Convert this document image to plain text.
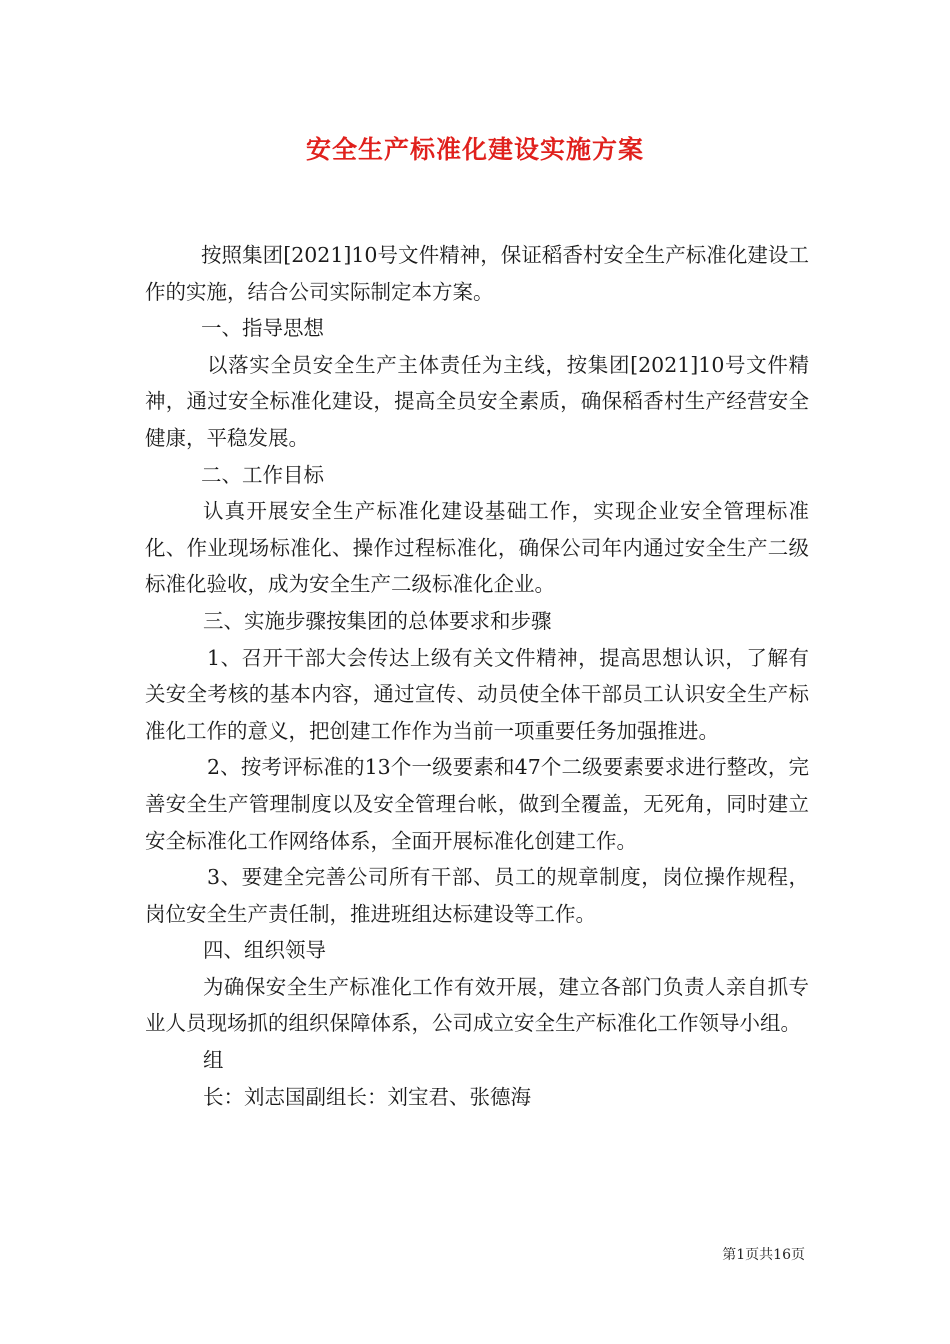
安全生产标准化建设实施方案

按照集团[2021]10号文件精神，保证稻香村安全生产标准化建设工作的实施，结合公司实际制定本方案。

一、指导思想

以落实全员安全生产主体责任为主线，按集团[2021]10号文件精神，通过安全标准化建设，提高全员安全素质，确保稻香村生产经营安全健康，平稳发展。

二、工作目标

认真开展安全生产标准化建设基础工作，实现企业安全管理标准化、作业现场标准化、操作过程标准化，确保公司年内通过安全生产二级标准化验收，成为安全生产二级标准化企业。

三、实施步骤按集团的总体要求和步骤

1、召开干部大会传达上级有关文件精神，提高思想认识，了解有关安全考核的基本内容，通过宣传、动员使全体干部员工认识安全生产标准化工作的意义，把创建工作作为当前一项重要任务加强推进。

2、按考评标准的13个一级要素和47个二级要素要求进行整改，完善安全生产管理制度以及安全管理台帐，做到全覆盖，无死角，同时建立安全标准化工作网络体系，全面开展标准化创建工作。

3、要建全完善公司所有干部、员工的规章制度，岗位操作规程，岗位安全生产责任制，推进班组达标建设等工作。

四、组织领导

为确保安全生产标准化工作有效开展，建立各部门负责人亲自抓专业人员现场抓的组织保障体系，公司成立安全生产标准化工作领导小组。

组

长：刘志国副组长：刘宝君、张德海

第1页共16页
